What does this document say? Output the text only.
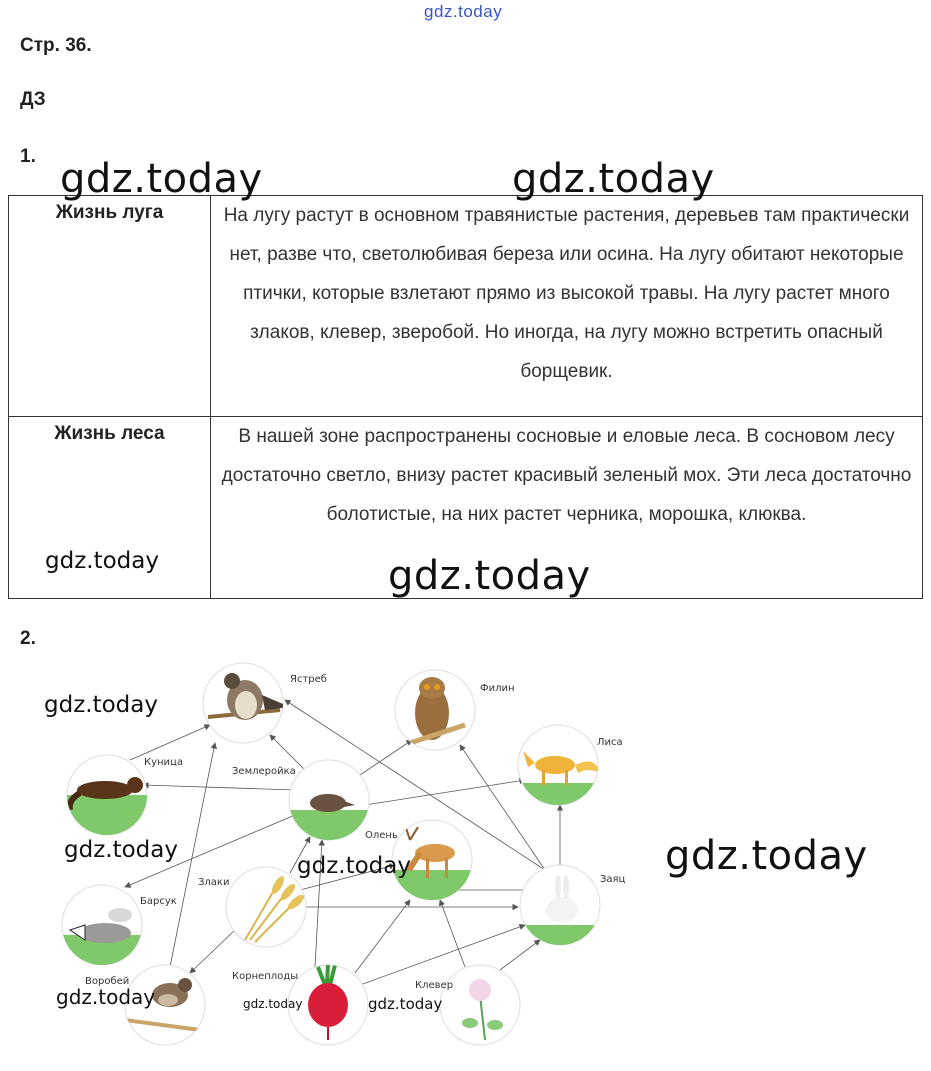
gdz.today
Стр. 36.
ДЗ
1.
Жизнь луга	На лугу растут в основном травянистые растения, деревьев там практически нет, разве что, светолюбивая береза или осина. На лугу обитают некоторые птички, которые взлетают прямо из высокой травы. На лугу растет много злаков, клевер, зверобой. Но иногда, на лугу можно встретить опасный борщевик.
Жизнь леса	В нашей зоне распространены сосновые и еловые леса. В сосновом лесу достаточно светло, внизу растет красивый зеленый мох. Эти леса достаточно болотистые, на них растет черника, морошка, клюква.
2.
Ястреб
Филин
Лиса
Куница
Землеройка
Олень
Злаки
Барсук
Заяц
Воробей	Корнеплоды
Клевер
gdz.today	gdz.today
gdz.today	gdz.today
gdz.today
gdz.today
gdz.today	gdz.today
gdz.today	gdz.today	gdz.today
